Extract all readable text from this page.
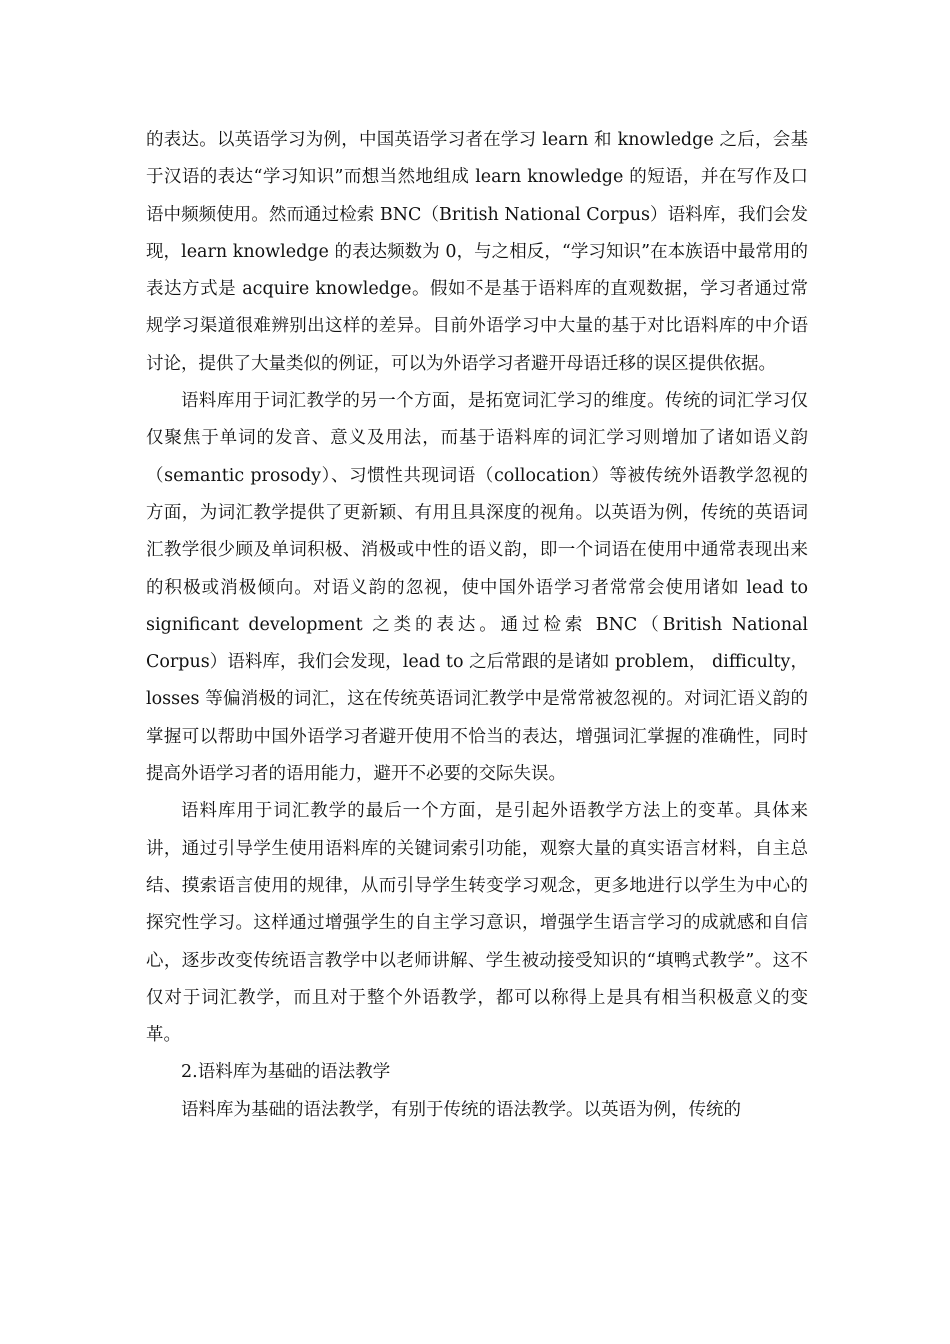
的表达。以英语学习为例，中国英语学习者在学习 learn 和 knowledge 之后，会基于汉语的表达“学习知识”而想当然地组成 learn knowledge 的短语，并在写作及口语中频频使用。然而通过检索 BNC（British National Corpus）语料库，我们会发现，learn knowledge 的表达频数为 0，与之相反，“学习知识”在本族语中最常用的表达方式是 acquire knowledge。假如不是基于语料库的直观数据，学习者通过常规学习渠道很难辨别出这样的差异。目前外语学习中大量的基于对比语料库的中介语讨论，提供了大量类似的例证，可以为外语学习者避开母语迁移的误区提供依据。

语料库用于词汇教学的另一个方面，是拓宽词汇学习的维度。传统的词汇学习仅仅聚焦于单词的发音、意义及用法，而基于语料库的词汇学习则增加了诸如语义韵（semantic prosody）、习惯性共现词语（collocation）等被传统外语教学忽视的方面，为词汇教学提供了更新颖、有用且具深度的视角。以英语为例，传统的英语词汇教学很少顾及单词积极、消极或中性的语义韵，即一个词语在使用中通常表现出来的积极或消极倾向。对语义韵的忽视，使中国外语学习者常常会使用诸如 lead to significant development 之类的表达。通过检索 BNC（British National Corpus）语料库，我们会发现，lead to 之后常跟的是诸如 problem， difficulty， losses 等偏消极的词汇，这在传统英语词汇教学中是常常被忽视的。对词汇语义韵的掌握可以帮助中国外语学习者避开使用不恰当的表达，增强词汇掌握的准确性，同时提高外语学习者的语用能力，避开不必要的交际失误。

语料库用于词汇教学的最后一个方面，是引起外语教学方法上的变革。具体来讲，通过引导学生使用语料库的关键词索引功能，观察大量的真实语言材料，自主总结、摸索语言使用的规律，从而引导学生转变学习观念，更多地进行以学生为中心的探究性学习。这样通过增强学生的自主学习意识，增强学生语言学习的成就感和自信心，逐步改变传统语言教学中以老师讲解、学生被动接受知识的“填鸭式教学”。这不仅对于词汇教学，而且对于整个外语教学，都可以称得上是具有相当积极意义的变革。

2.语料库为基础的语法教学

语料库为基础的语法教学，有别于传统的语法教学。以英语为例，传统的
